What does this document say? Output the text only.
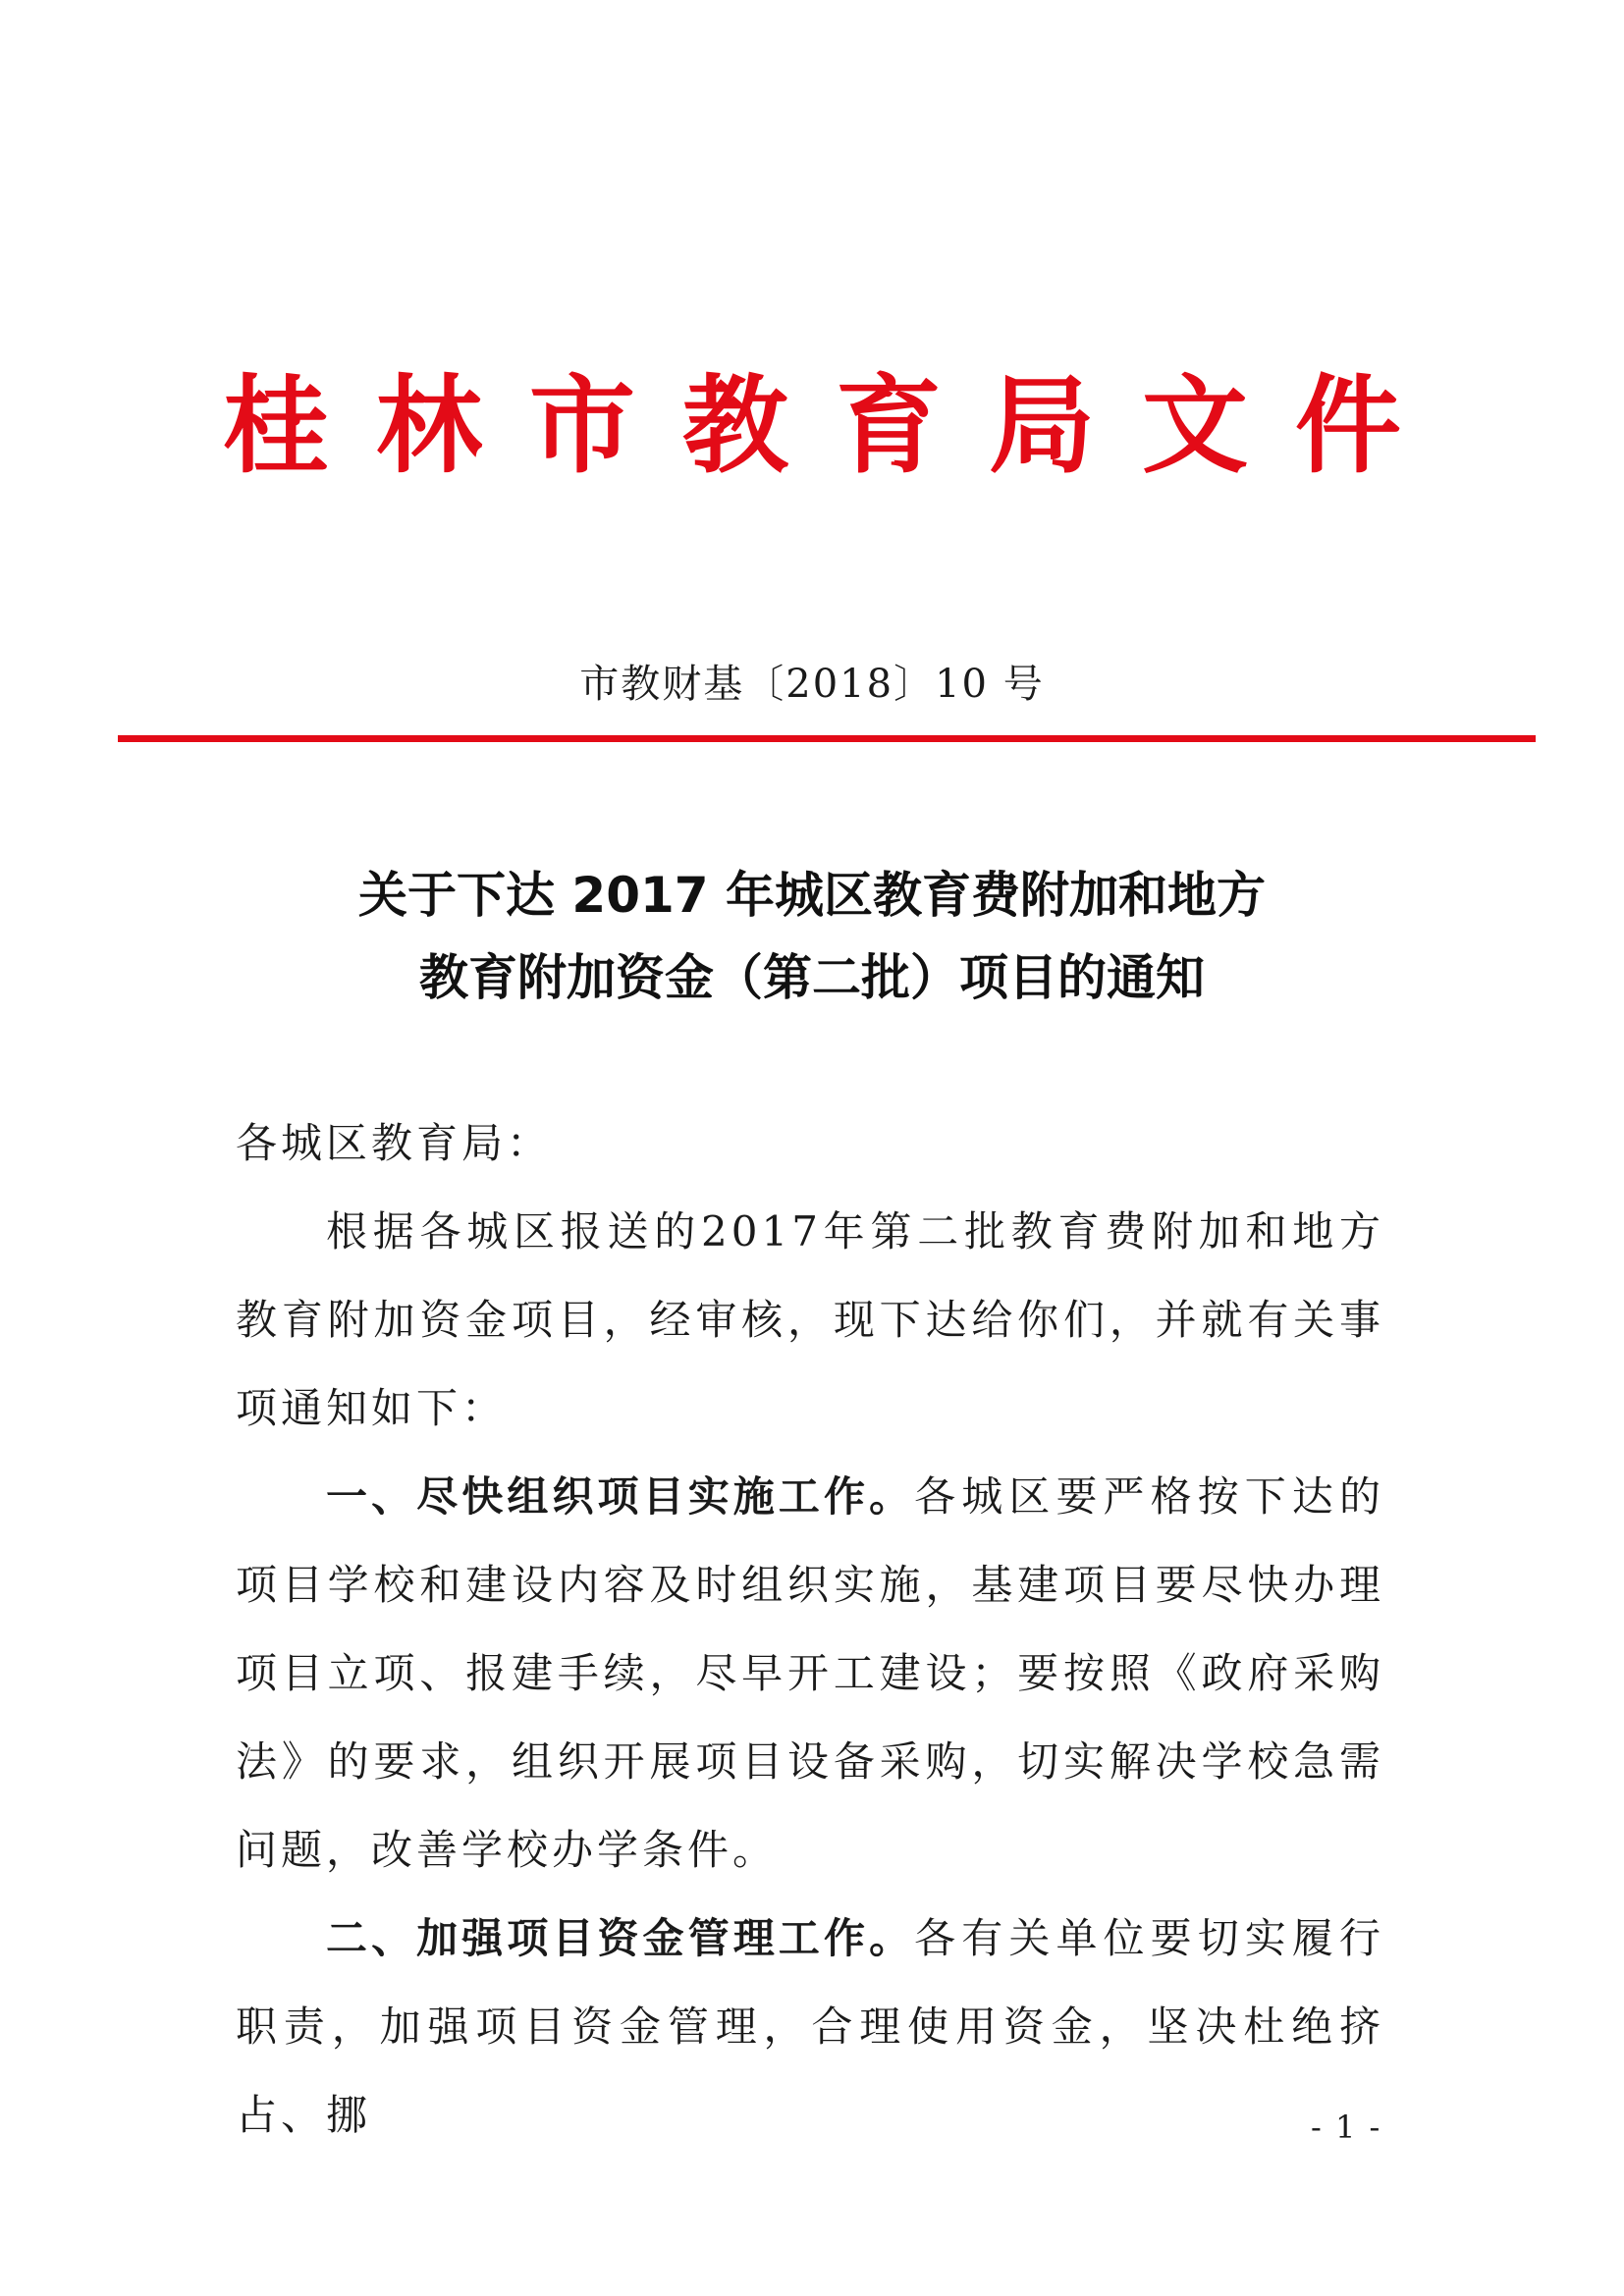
桂 林 市 教 育 局 文 件
市教财基〔2018〕10 号
关于下达 2017 年城区教育费附加和地方
教育附加资金（第二批）项目的通知

各城区教育局：

根据各城区报送的2017年第二批教育费附加和地方教育附加资金项目，经审核，现下达给你们，并就有关事项通知如下：

一、尽快组织项目实施工作。各城区要严格按下达的项目学校和建设内容及时组织实施，基建项目要尽快办理项目立项、报建手续，尽早开工建设；要按照《政府采购法》的要求，组织开展项目设备采购，切实解决学校急需问题，改善学校办学条件。

二、加强项目资金管理工作。各有关单位要切实履行职责，加强项目资金管理，合理使用资金，坚决杜绝挤占、挪	- 1 -
